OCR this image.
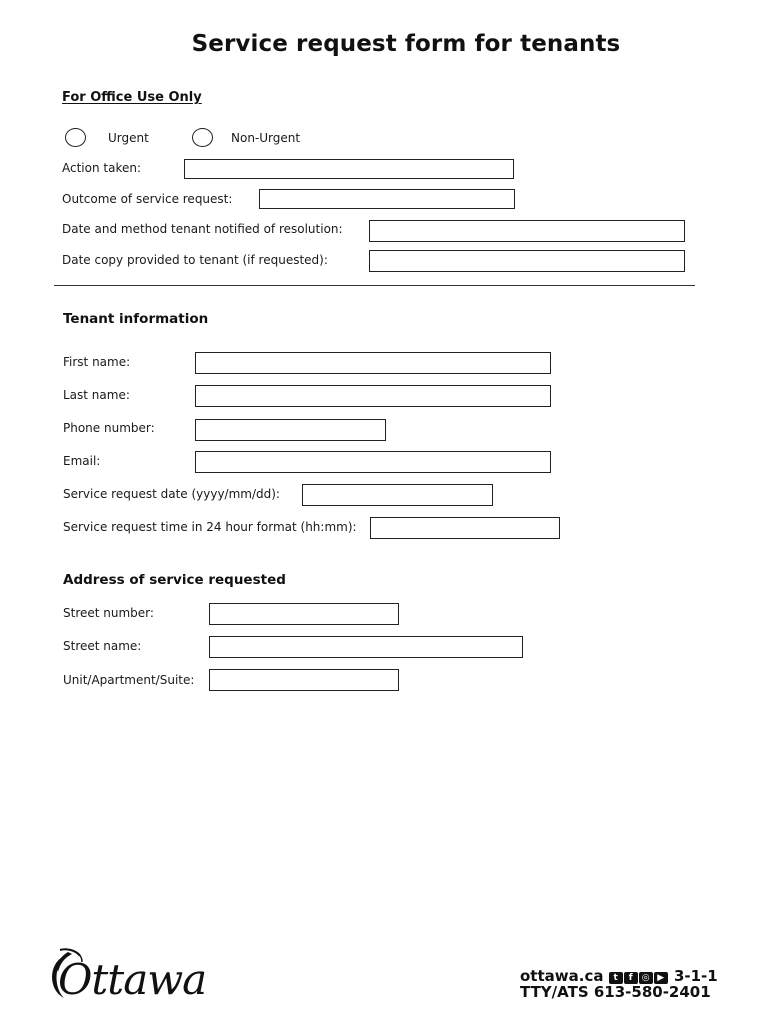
Service request form for tenants
For Office Use Only
Urgent	Non-Urgent
Action taken:
Outcome of service request:
Date and method tenant notified of resolution:
Date copy provided to tenant (if requested):
Tenant information
First name:
Last name:
Phone number:
Email:
Service request date (yyyy/mm/dd):
Service request time in 24 hour format (hh:mm):
Address of service requested
Street number:
Street name:
Unit/Apartment/Suite:
Ottawa	ottawa.ca t f ◎ ▶ 3-1-1
TTY/ATS 613-580-2401
